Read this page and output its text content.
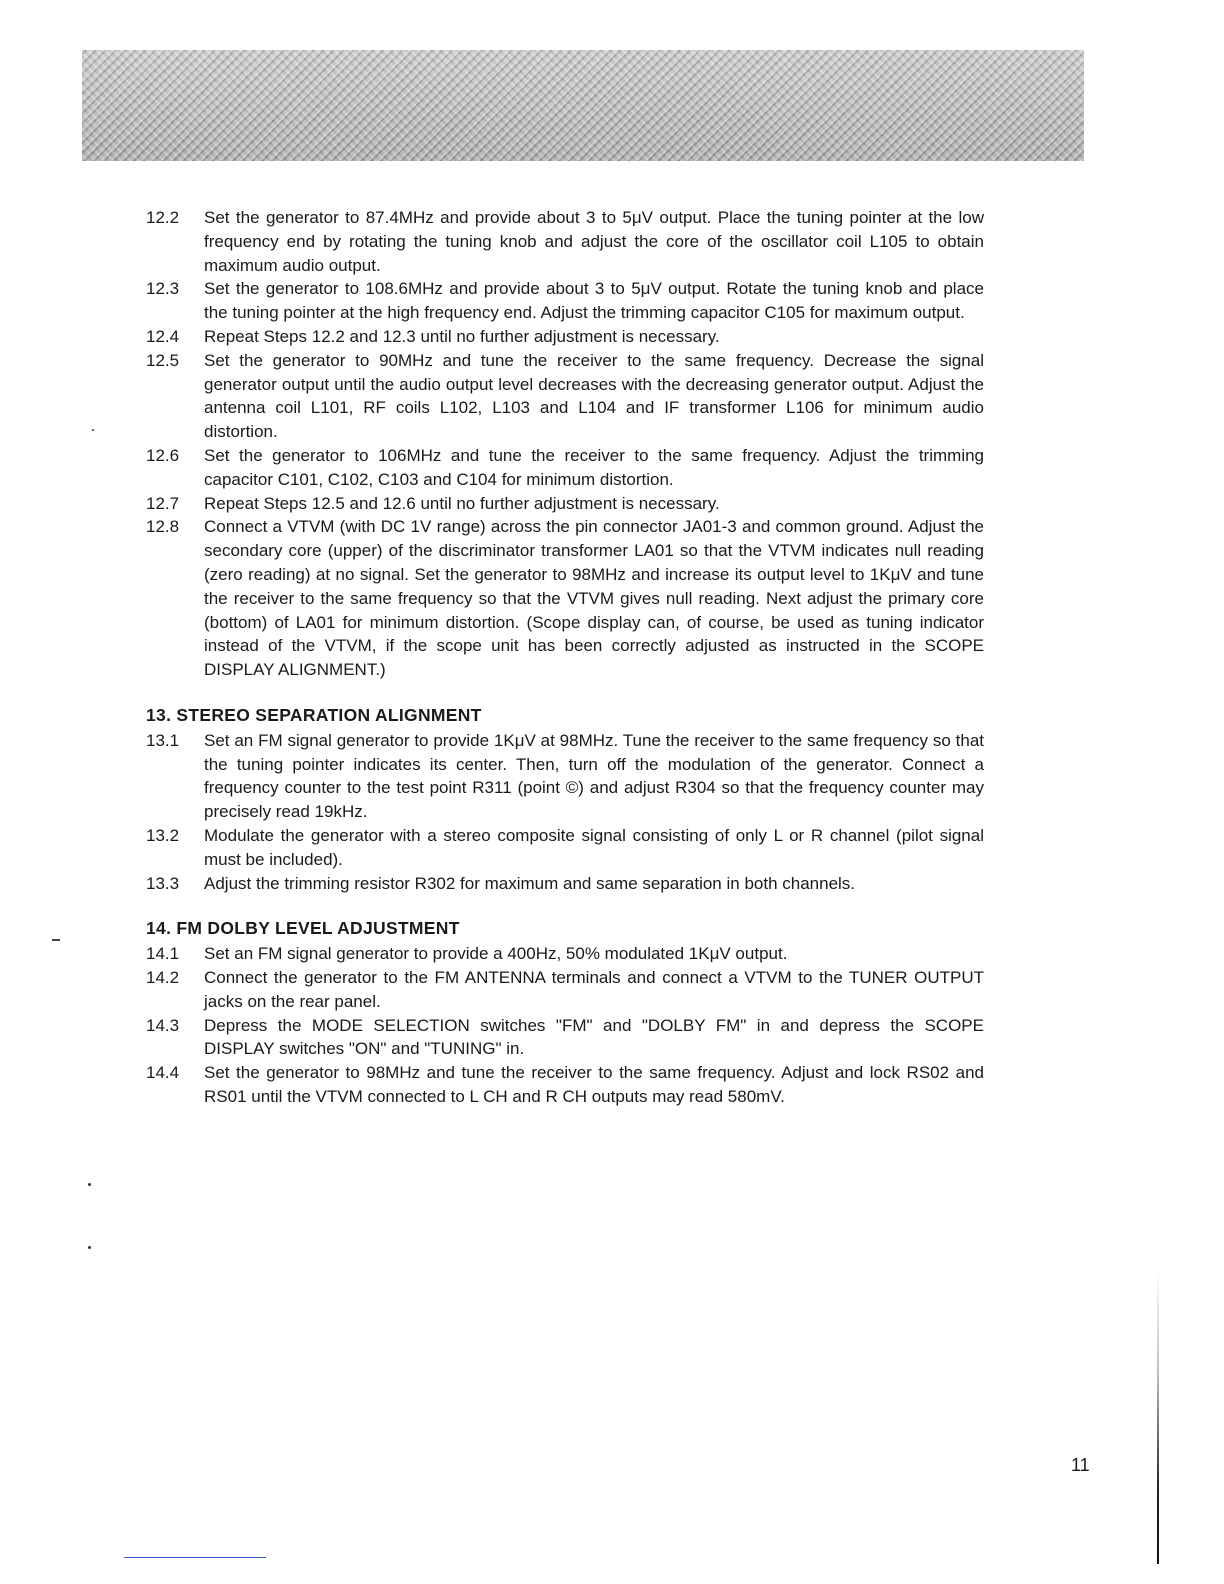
12.2	Set the generator to 87.4MHz and provide about 3 to 5μV output. Place the tuning pointer at the low frequency end by rotating the tuning knob and adjust the core of the oscillator coil L105 to obtain maximum audio output.
12.3	Set the generator to 108.6MHz and provide about 3 to 5μV output. Rotate the tuning knob and place the tuning pointer at the high frequency end. Adjust the trimming capacitor C105 for maximum output.
12.4	Repeat Steps 12.2 and 12.3 until no further adjustment is necessary.
12.5	Set the generator to 90MHz and tune the receiver to the same frequency. Decrease the signal generator output until the audio output level decreases with the decreasing generator output. Adjust the antenna coil L101, RF coils L102, L103 and L104 and IF transformer L106 for minimum audio distortion.
12.6	Set the generator to 106MHz and tune the receiver to the same frequency. Adjust the trimming capacitor C101, C102, C103 and C104 for minimum distortion.
12.7	Repeat Steps 12.5 and 12.6 until no further adjustment is necessary.
12.8	Connect a VTVM (with DC 1V range) across the pin connector JA01-3 and common ground. Adjust the secondary core (upper) of the discriminator transformer LA01 so that the VTVM indicates null reading (zero reading) at no signal. Set the generator to 98MHz and increase its output level to 1KμV and tune the receiver to the same frequency so that the VTVM gives null reading. Next adjust the primary core (bottom) of LA01 for minimum distortion. (Scope display can, of course, be used as tuning indicator instead of the VTVM, if the scope unit has been correctly adjusted as instructed in the SCOPE DISPLAY ALIGNMENT.)
13. STEREO SEPARATION ALIGNMENT
13.1	Set an FM signal generator to provide 1KμV at 98MHz. Tune the receiver to the same frequency so that the tuning pointer indicates its center. Then, turn off the modulation of the generator. Connect a frequency counter to the test point R311 (point ©) and adjust R304 so that the frequency counter may precisely read 19kHz.
13.2	Modulate the generator with a stereo composite signal consisting of only L or R channel (pilot signal must be included).
13.3	Adjust the trimming resistor R302 for maximum and same separation in both channels.
14. FM DOLBY LEVEL ADJUSTMENT
14.1	Set an FM signal generator to provide a 400Hz, 50% modulated 1KμV output.
14.2	Connect the generator to the FM ANTENNA terminals and connect a VTVM to the TUNER OUTPUT jacks on the rear panel.
14.3	Depress the MODE SELECTION switches "FM" and "DOLBY FM" in and depress the SCOPE DISPLAY switches "ON" and "TUNING" in.
14.4	Set the generator to 98MHz and tune the receiver to the same frequency. Adjust and lock RS02 and RS01 until the VTVM connected to L CH and R CH outputs may read 580mV.
11
